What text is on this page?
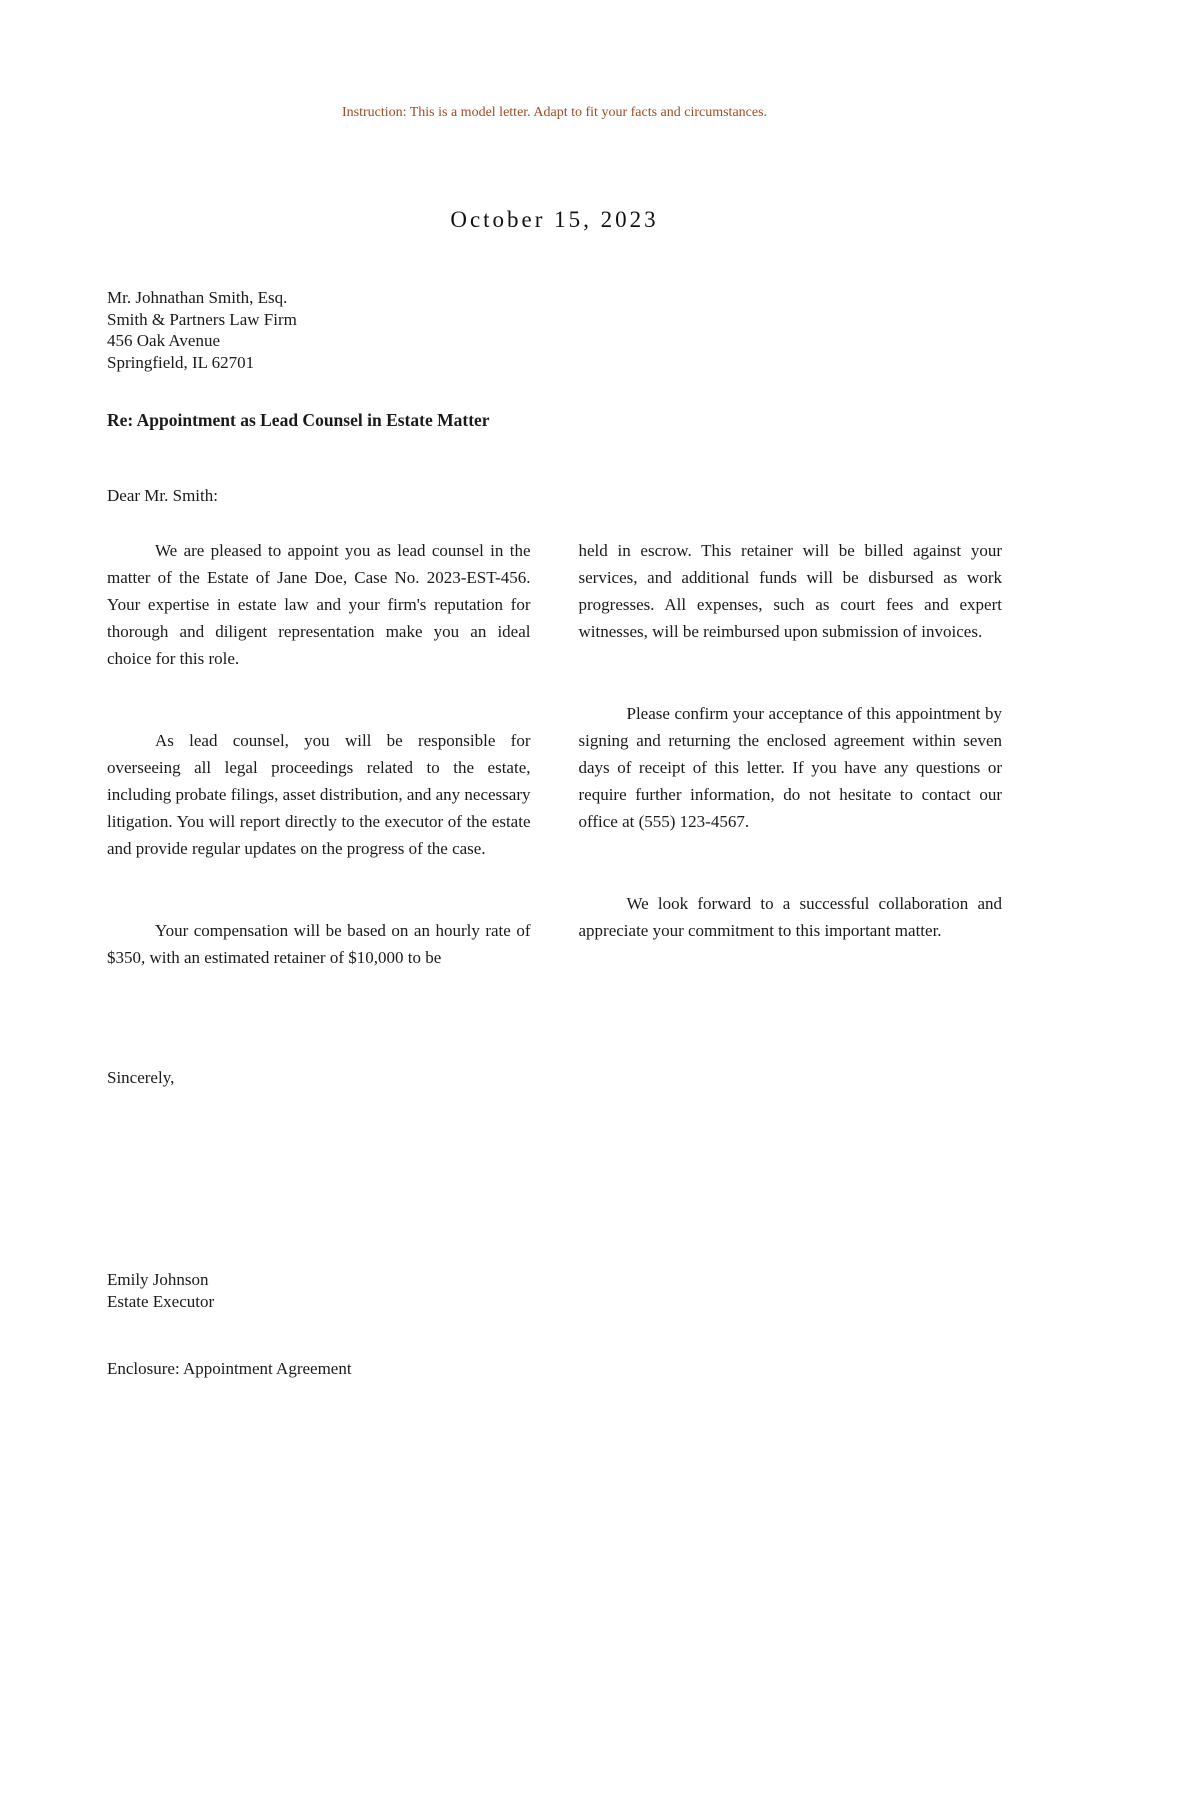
Instruction: This is a model letter. Adapt to fit your facts and circumstances.
October 15, 2023
Mr. Johnathan Smith, Esq.
Smith & Partners Law Firm
456 Oak Avenue
Springfield, IL 62701
Re: Appointment as Lead Counsel in Estate Matter
Dear Mr. Smith:
We are pleased to appoint you as lead counsel in the matter of the Estate of Jane Doe, Case No. 2023-EST-456. Your expertise in estate law and your firm's reputation for thorough and diligent representation make you an ideal choice for this role.
As lead counsel, you will be responsible for overseeing all legal proceedings related to the estate, including probate filings, asset distribution, and any necessary litigation. You will report directly to the executor of the estate and provide regular updates on the progress of the case.
Your compensation will be based on an hourly rate of $350, with an estimated retainer of $10,000 to be
held in escrow. This retainer will be billed against your services, and additional funds will be disbursed as work progresses. All expenses, such as court fees and expert witnesses, will be reimbursed upon submission of invoices.
Please confirm your acceptance of this appointment by signing and returning the enclosed agreement within seven days of receipt of this letter. If you have any questions or require further information, do not hesitate to contact our office at (555) 123-4567.
We look forward to a successful collaboration and appreciate your commitment to this important matter.
Sincerely,
Emily Johnson
Estate Executor
Enclosure: Appointment Agreement
